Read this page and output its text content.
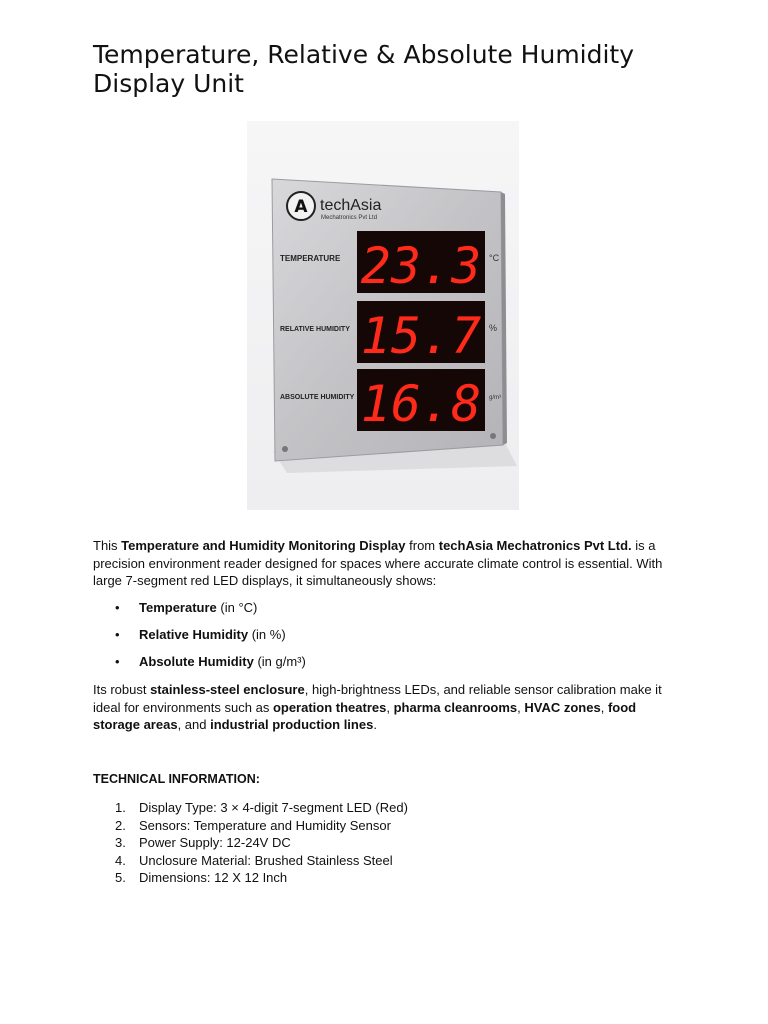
Temperature, Relative & Absolute Humidity Display Unit
A techAsia
Mechatronics Pvt Ltd
TEMPERATURE 23.3 °C
RELATIVE HUMIDITY 15.7 %
ABSOLUTE HUMIDITY 16.8 g/m³
This Temperature and Humidity Monitoring Display from techAsia Mechatronics Pvt Ltd. is a precision environment reader designed for spaces where accurate climate control is essential. With large 7-segment red LED displays, it simultaneously shows:
• Temperature (in °C)
• Relative Humidity (in %)
• Absolute Humidity (in g/m³)
Its robust stainless-steel enclosure, high-brightness LEDs, and reliable sensor calibration make it ideal for environments such as operation theatres, pharma cleanrooms, HVAC zones, food storage areas, and industrial production lines.
TECHNICAL INFORMATION:
1. Display Type: 3 × 4-digit 7-segment LED (Red)
2. Sensors: Temperature and Humidity Sensor
3. Power Supply: 12-24V DC
4. Unclosure Material: Brushed Stainless Steel
5. Dimensions: 12 X 12 Inch
